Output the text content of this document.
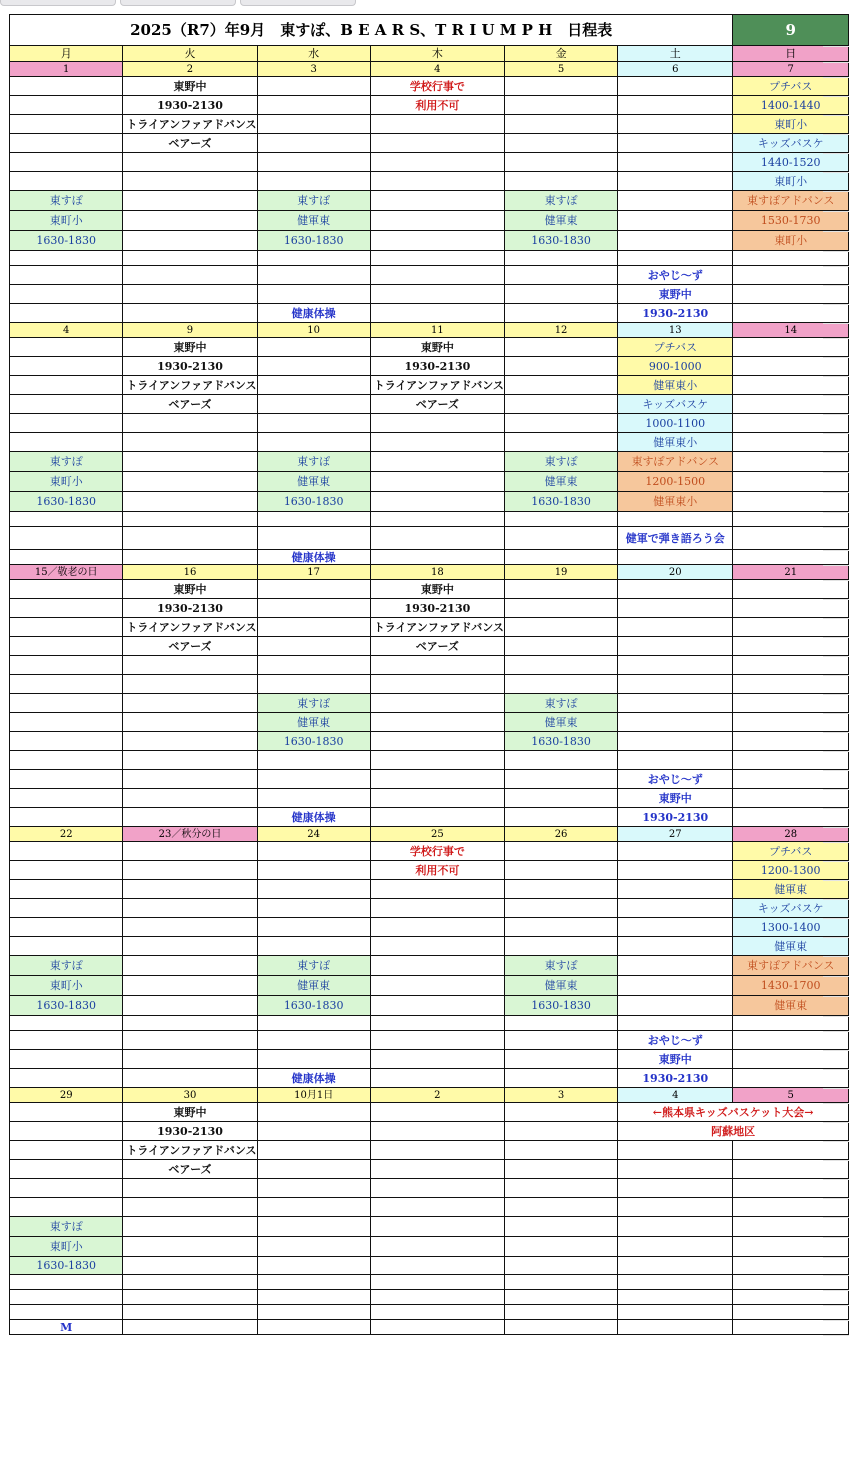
2025（R7）年9月　東すぽ、B E A R S、T R I U M P H　日程表						9
月	火	水	木	金	土	日
1	2	3	4	5	6	7
	東野中		学校行事で			プチバス
	1930-2130		利用不可			1400-1440
	トライアンファアドバンス					東町小
	ベアーズ					キッズバスケ
						1440-1520
						東町小
東すぽ		東すぽ		東すぽ		東すぽアドバンス
東町小		健軍東		健軍東		1530-1730
1630-1830		1630-1830		1630-1830		東町小

					おやじ～ず	
					東野中	
		健康体操			1930-2130	
4	9	10	11	12	13	14
	東野中		東野中		プチバス	
	1930-2130		1930-2130		900-1000	
	トライアンファアドバンス		トライアンファアドバンス		健軍東小	
	ベアーズ		ベアーズ		キッズバスケ	
					1000-1100	
					健軍東小	
東すぽ		東すぽ		東すぽ	東すぽアドバンス	
東町小		健軍東		健軍東	1200-1500	
1630-1830		1630-1830		1630-1830	健軍東小	

					健軍で弾き語ろう会	
		健康体操				
15／敬老の日	16	17	18	19	20	21
	東野中		東野中			
	1930-2130		1930-2130			
	トライアンファアドバンス		トライアンファアドバンス			
	ベアーズ		ベアーズ			

		東すぽ		東すぽ		
		健軍東		健軍東		
		1630-1830		1630-1830		

					おやじ～ず	
					東野中	
		健康体操			1930-2130	
22	23／秋分の日	24	25	26	27	28
			学校行事で			プチバス
			利用不可			1200-1300
						健軍東
						キッズバスケ
						1300-1400
						健軍東
東すぽ		東すぽ		東すぽ		東すぽアドバンス
東町小		健軍東		健軍東		1430-1700
1630-1830		1630-1830		1630-1830		健軍東

					おやじ～ず	
					東野中	
		健康体操			1930-2130	
29	30	10月1日	2	3	4	5
	東野中				←熊本県キッズバスケット大会→	
	1930-2130				阿蘇地区	
	トライアンファアドバンス					
	ベアーズ					

東すぽ						
東町小						
1630-1830						

M						
